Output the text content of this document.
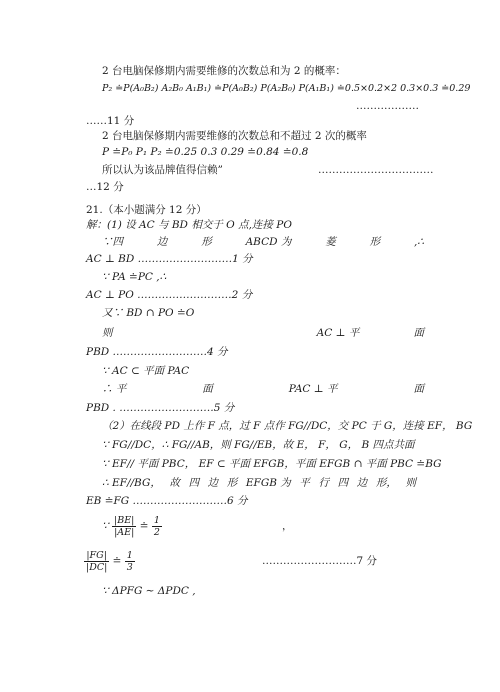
2 台电脑保修期内需要维修的次数总和为 2 的概率：
P₂ ≐P(A₀B₂) A₂B₀ A₁B₁) ≐P(A₀B₂) P(A₂B₀) P(A₁B₁) ≐0.5×0.2×2 0.3×0.3 ≐0.29
………………
……11 分
2 台电脑保修期内需要维修的次数总和不超过 2 次的概率
P ≐P₀ P₁ P₂ ≐0.25 0.3 0.29 ≐0.84 ≐0.8
所以认为该品牌值得信赖”	……………………………
…12 分
21.（本小题满分 12 分）
解：(1) 设 AC 与 BD 相交于 O 点,连接 PO
∵四	边	形	ABCD 为	菱	形	,∴
AC ⊥ BD ………………………1 分
∵ PA ≐PC ,∴
AC ⊥ PO ………………………2 分
又∵ BD ∩ PO ≐O
则	AC ⊥ 平	面
PBD ………………………4 分
∵ AC ⊂ 平面 PAC
∴ 平	面	PAC ⊥ 平	面
PBD . ………………………5 分
（2）在线段 PD 上作 F 点，过 F 点作 FG//DC，交 PC 于 G，连接 EF， BG
∵ FG//DC，∴ FG//AB，则 FG//EB，故 E， F， G， B 四点共面
∵ EF// 平面 PBC， EF ⊂ 平面 EFGB，平面 EFGB ∩ 平面 PBC ≐BG
∴ EF//BG， 故 四 边 形 EFGB 为 平 行 四 边 形， 则
EB ≐FG ………………………6 分
∵ $\frac{|BE|}{|AE|}$ ≐ $\frac{1}{2}$	，
$\frac{|FG|}{|DC|}$ ≐ $\frac{1}{3}$	………………………7 分
∵ ΔPFG ∼ ΔPDC ,
